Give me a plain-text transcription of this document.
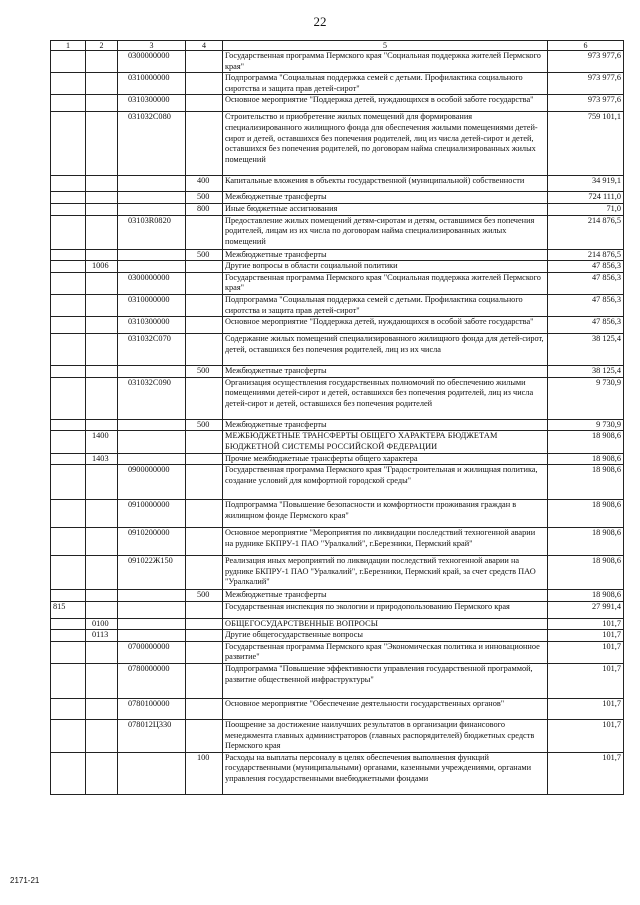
22
1	2	3	4	5	6
		0300000000		Государственная программа Пермского края "Социальная поддержка жителей Пермского края"	973 977,6
		0310000000		Подпрограмма "Социальная поддержка семей с детьми. Профилактика социального сиротства и защита прав детей-сирот"	973 977,6
		0310300000		Основное мероприятие "Поддержка детей, нуждающихся в особой заботе государства"	973 977,6
		031032С080		Строительство и приобретение жилых помещений для формирования специализированного жилищного фонда для обеспечения жилыми помещениями детей-сирот и детей, оставшихся без попечения родителей, лиц из числа детей-сирот и детей, оставшихся без попечения родителей, по договорам найма специализированных жилых помещений	759 101,1
			400	Капитальные вложения в объекты государственной (муниципальной) собственности	34 919,1
			500	Межбюджетные трансферты	724 111,0
			800	Иные бюджетные ассигнования	71,0
		03103R0820		Предоставление жилых помещений детям-сиротам и детям, оставшимся без попечения родителей, лицам из их числа по договорам найма специализированных жилых помещений	214 876,5
			500	Межбюджетные трансферты	214 876,5
	1006			Другие вопросы в области социальной политики	47 856,3
		0300000000		Государственная программа Пермского края "Социальная поддержка жителей Пермского края"	47 856,3
		0310000000		Подпрограмма "Социальная поддержка семей с детьми. Профилактика социального сиротства и защита прав детей-сирот"	47 856,3
		0310300000		Основное мероприятие "Поддержка детей, нуждающихся в особой заботе государства"	47 856,3
		031032С070		Содержание жилых помещений специализированного жилищного фонда для детей-сирот, детей, оставшихся без попечения родителей, лиц из их числа	38 125,4
			500	Межбюджетные трансферты	38 125,4
		031032С090		Организация осуществления государственных полномочий по обеспечению жилыми помещениями детей-сирот и детей, оставшихся без попечения родителей, лиц из числа детей-сирот и детей, оставшихся без попечения родителей	9 730,9
			500	Межбюджетные трансферты	9 730,9
	1400			МЕЖБЮДЖЕТНЫЕ ТРАНСФЕРТЫ ОБЩЕГО ХАРАКТЕРА БЮДЖЕТАМ БЮДЖЕТНОЙ СИСТЕМЫ РОССИЙСКОЙ ФЕДЕРАЦИИ	18 908,6
	1403			Прочие межбюджетные трансферты общего характера	18 908,6
		0900000000		Государственная программа Пермского края "Градостроительная и жилищная политика, создание условий для комфортной городской среды"	18 908,6
		0910000000		Подпрограмма "Повышение безопасности и комфортности проживания граждан в жилищном фонде Пермского края"	18 908,6
		0910200000		Основное мероприятие "Мероприятия по ликвидации последствий техногенной аварии на руднике БКПРУ-1 ПАО "Уралкалий", г.Березники, Пермский край"	18 908,6
		091022Ж150		Реализация иных мероприятий по ликвидации последствий техногенной аварии на руднике БКПРУ-1 ПАО "Уралкалий", г.Березники, Пермский край, за счет средств ПАО "Уралкалий"	18 908,6
			500	Межбюджетные трансферты	18 908,6
815				Государственная инспекция по экологии и природопользованию Пермского края	27 991,4
	0100			ОБЩЕГОСУДАРСТВЕННЫЕ ВОПРОСЫ	101,7
	0113			Другие общегосударственные вопросы	101,7
		0700000000		Государственная программа Пермского края "Экономическая политика и инновационное развитие"	101,7
		0780000000		Подпрограмма "Повышение эффективности управления государственной программой, развитие общественной инфраструктуры"	101,7
		0780100000		Основное мероприятие "Обеспечение деятельности государственных органов"	101,7
		078012Ц330		Поощрение за достижение наилучших результатов в организации финансового менеджмента главных администраторов (главных распорядителей) бюджетных средств Пермского края	101,7
			100	Расходы на выплаты персоналу в целях обеспечения выполнения функций государственными (муниципальными) органами, казенными учреждениями, органами управления государственными внебюджетными фондами	101,7
2171-21
